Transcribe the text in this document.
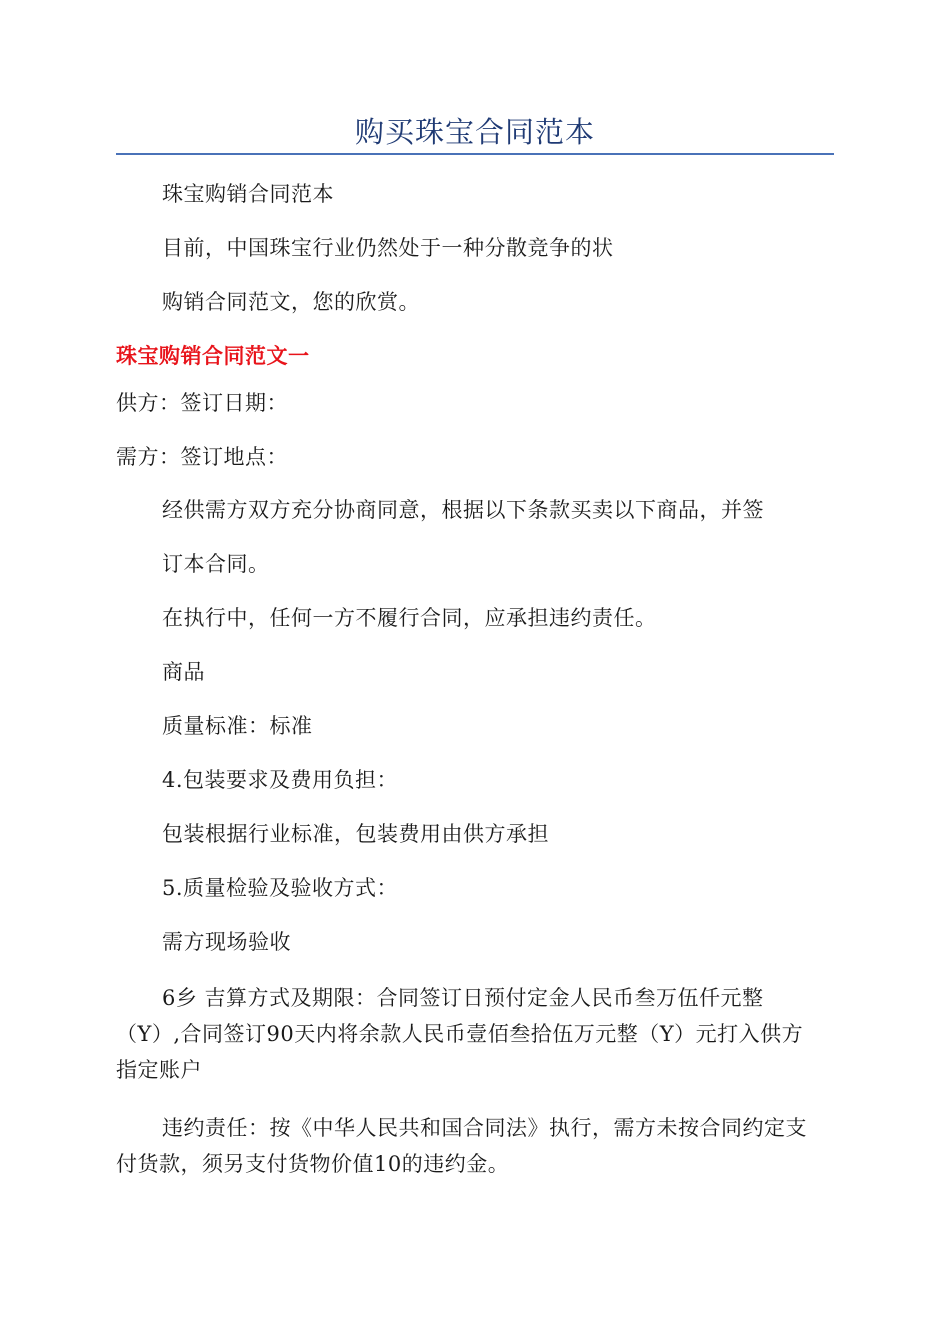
购买珠宝合同范本
珠宝购销合同范本
目前，中国珠宝行业仍然处于一种分散竞争的状
购销合同范文，您的欣赏。
珠宝购销合同范文一
供方：签订日期：
需方：签订地点：
经供需方双方充分协商同意，根据以下条款买卖以下商品，并签
订本合同。
在执行中，任何一方不履行合同，应承担违约责任。
商品
质量标准：标准
4.包装要求及费用负担：
包装根据行业标准，包装费用由供方承担
5.质量检验及验收方式：
需方现场验收
6乡 吉算方式及期限：合同签订日预付定金人民币叁万伍仟元整
（Y）,合同签订90天内将余款人民币壹佰叁拾伍万元整（Y）元打入供方
指定账户
违约责任：按《中华人民共和国合同法》执行，需方未按合同约定支
付货款，须另支付货物价值10的违约金。
